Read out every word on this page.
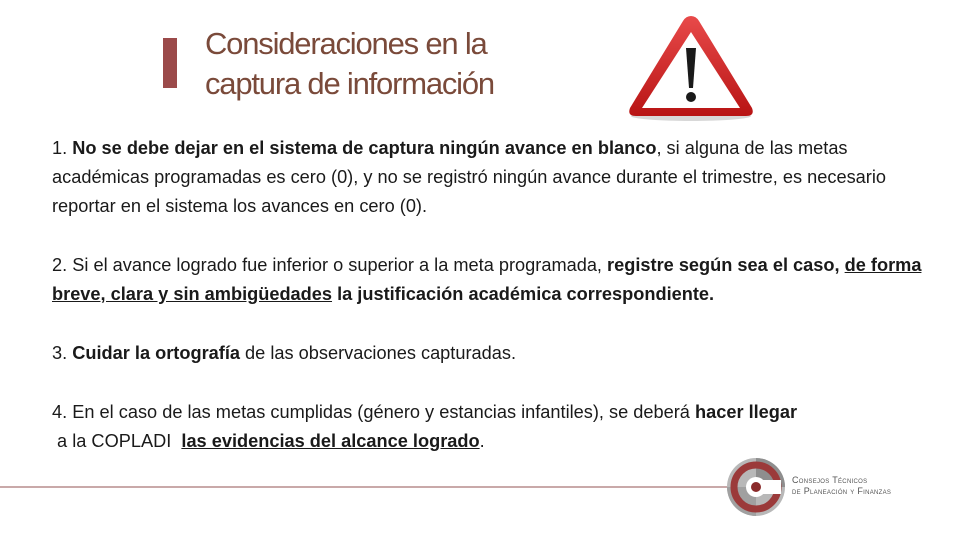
Consideraciones en la
captura de información

1. No se debe dejar en el sistema de captura ningún avance en blanco, si alguna de las metas académicas programadas es cero (0), y no se registró ningún avance durante el trimestre, es necesario reportar en el sistema los avances en cero (0).

2. Si el avance logrado fue inferior o superior a la meta programada, registre según sea el caso, de forma breve, clara y sin ambigüedades la justificación académica correspondiente.

3. Cuidar la ortografía de las observaciones capturadas.

4. En el caso de las metas cumplidas (género y estancias infantiles), se deberá hacer llegar a la COPLADI  las evidencias del alcance logrado.

Consejos Técnicos
de Planeación y Finanzas
